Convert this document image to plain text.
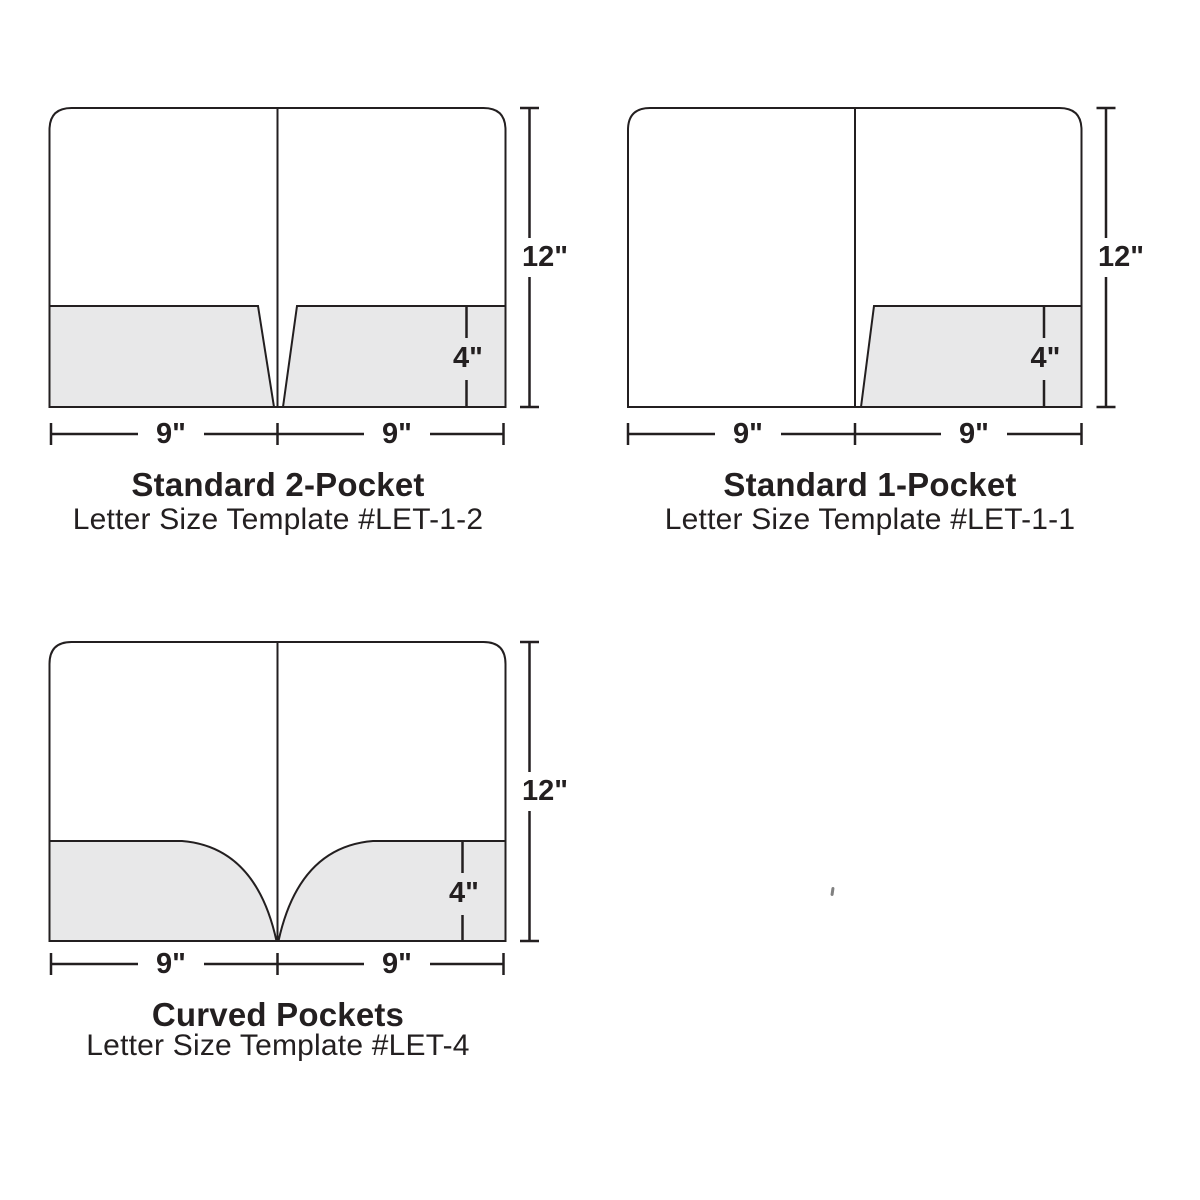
4"
12"
9"	9"
Standard 2-Pocket
Letter Size Template #LET-1-2
4"
12"
9"	9"
Standard 1-Pocket
Letter Size Template #LET-1-1
4"
12"
9"	9"
Curved Pockets
Letter Size Template #LET-4
